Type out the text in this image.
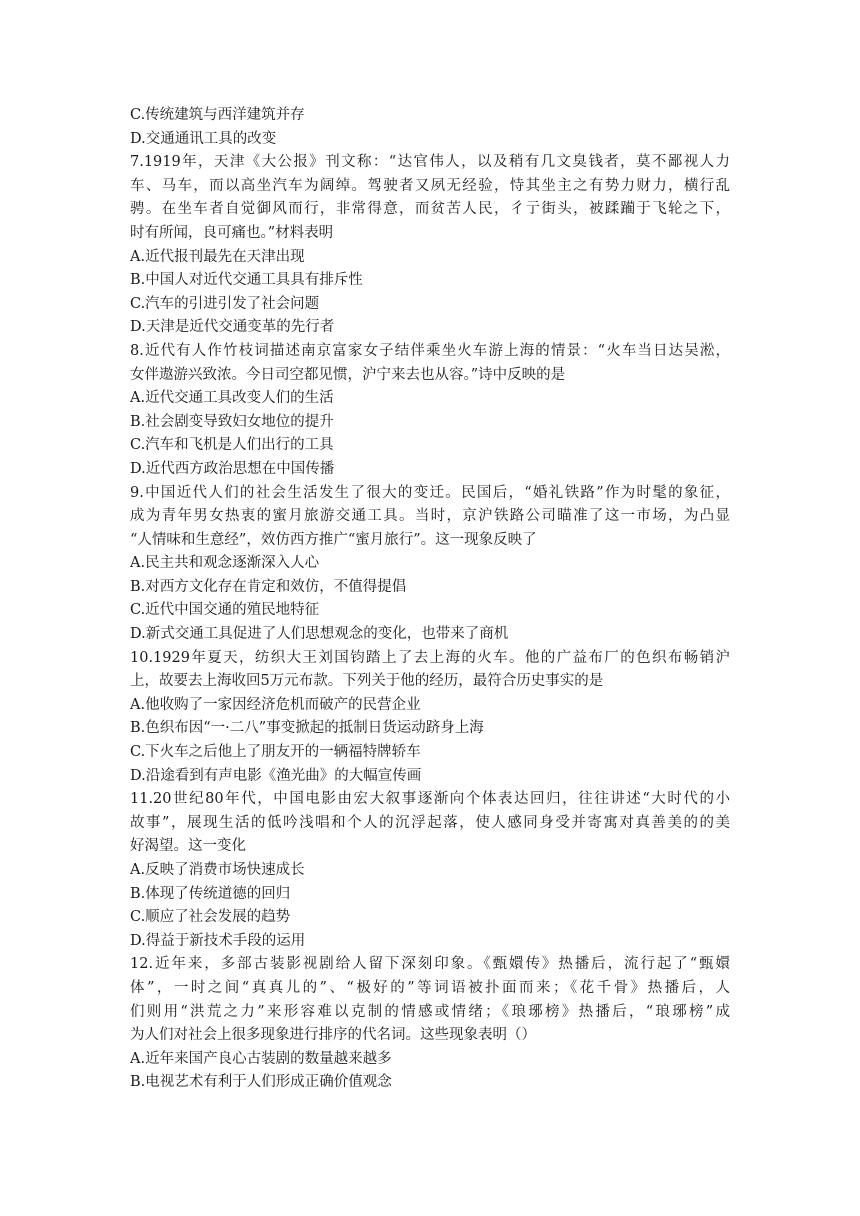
C.传统建筑与西洋建筑并存
D.交通通讯工具的改变
7.1919年，天津《大公报》刊文称：“达官伟人，以及稍有几文臭钱者，莫不鄙视人力
车、马车，而以高坐汽车为阔绰。驾驶者又夙无经验，恃其坐主之有势力财力，横行乱
骋。在坐车者自觉御风而行，非常得意，而贫苦人民，彳亍街头，被蹂躏于飞轮之下，
时有所闻，良可痛也。”材料表明
A.近代报刊最先在天津出现
B.中国人对近代交通工具具有排斥性
C.汽车的引进引发了社会问题
D.天津是近代交通变革的先行者
8.近代有人作竹枝词描述南京富家女子结伴乘坐火车游上海的情景：“火车当日达吴淞，
女伴遨游兴致浓。今日司空都见惯，沪宁来去也从容。”诗中反映的是
A.近代交通工具改变人们的生活
B.社会剧变导致妇女地位的提升
C.汽车和飞机是人们出行的工具
D.近代西方政治思想在中国传播
9.中国近代人们的社会生活发生了很大的变迁。民国后，“婚礼铁路”作为时髦的象征，
成为青年男女热衷的蜜月旅游交通工具。当时，京沪铁路公司瞄准了这一市场，为凸显
“人情味和生意经”，效仿西方推广“蜜月旅行”。这一现象反映了
A.民主共和观念逐渐深入人心
B.对西方文化存在肯定和效仿，不值得提倡
C.近代中国交通的殖民地特征
D.新式交通工具促进了人们思想观念的变化，也带来了商机
10.1929年夏天，纺织大王刘国钧踏上了去上海的火车。他的广益布厂的色织布畅销沪
上，故要去上海收回5万元布款。下列关于他的经历，最符合历史事实的是
A.他收购了一家因经济危机而破产的民营企业
B.色织布因“一·二八”事变掀起的抵制日货运动跻身上海
C.下火车之后他上了朋友开的一辆福特牌轿车
D.沿途看到有声电影《渔光曲》的大幅宣传画
11.20世纪80年代，中国电影由宏大叙事逐渐向个体表达回归，往往讲述“大时代的小
故事”，展现生活的低吟浅唱和个人的沉浮起落，使人感同身受并寄寓对真善美的的美
好渴望。这一变化
A.反映了消费市场快速成长
B.体现了传统道德的回归
C.顺应了社会发展的趋势
D.得益于新技术手段的运用
12.近年来，多部古装影视剧给人留下深刻印象。《甄嬛传》热播后，流行起了“甄嬛
体”，一时之间“真真儿的”、“极好的”等词语被扑面而来；《花千骨》热播后，人
们则用“洪荒之力”来形容难以克制的情感或情绪；《琅琊榜》热播后，“琅琊榜”成
为人们对社会上很多现象进行排序的代名词。这些现象表明（）
A.近年来国产良心古装剧的数量越来越多
B.电视艺术有利于人们形成正确价值观念
